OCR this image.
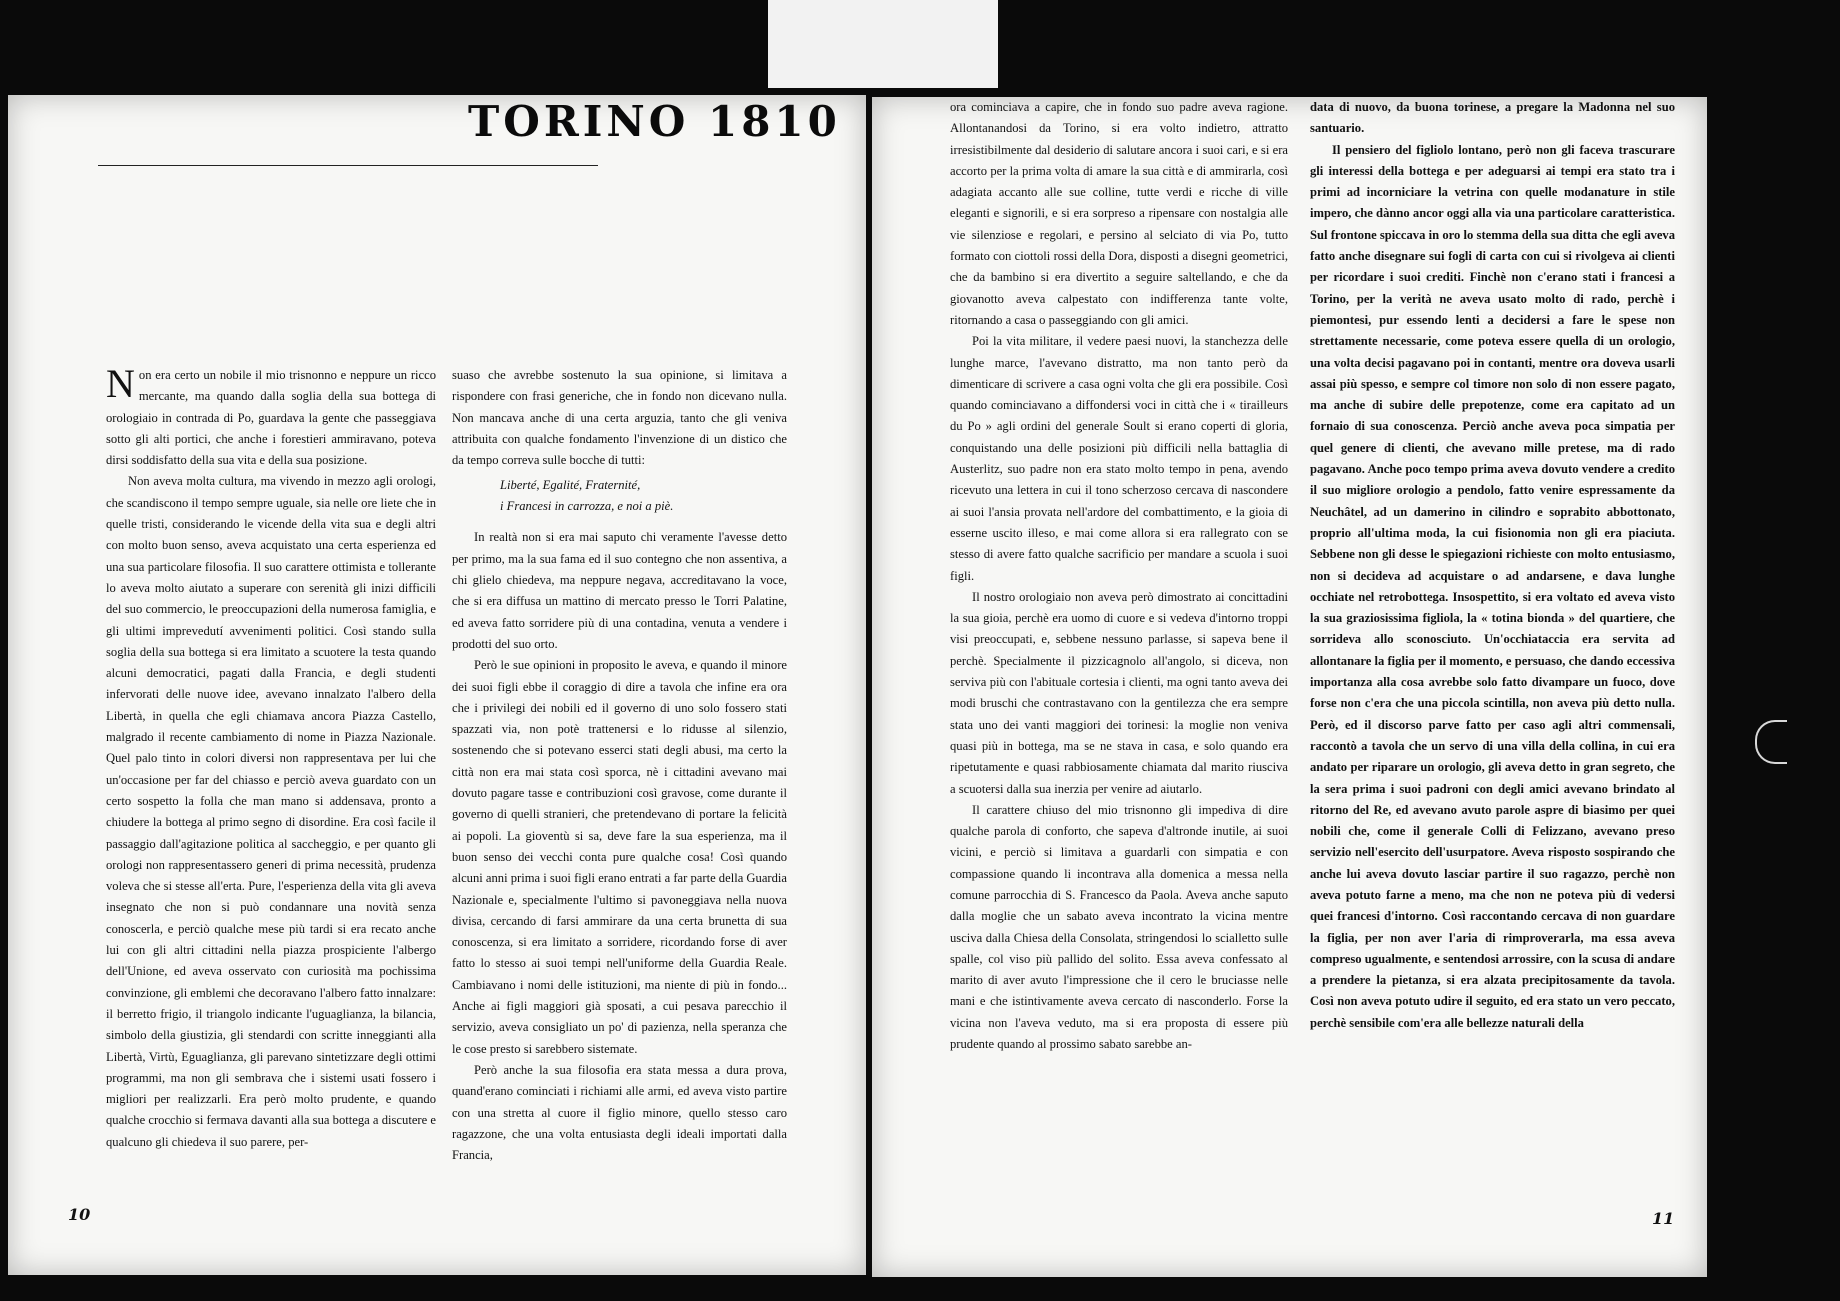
TORINO 1810

Non era certo un nobile il mio trisnonno e neppure un ricco mercante, ma quando dalla soglia della sua bottega di orologiaio in contrada di Po, guardava la gente che passeggiava sotto gli alti portici, che anche i forestieri ammiravano, poteva dirsi soddisfatto della sua vita e della sua posizione.

Non aveva molta cultura, ma vivendo in mezzo agli orologi, che scandiscono il tempo sempre uguale, sia nelle ore liete che in quelle tristi, considerando le vicende della vita sua e degli altri con molto buon senso, aveva acquistato una certa esperienza ed una sua particolare filosofia. Il suo carattere ottimista e tollerante lo aveva molto aiutato a superare con serenità gli inizi difficili del suo commercio, le preoccupazioni della numerosa famiglia, e gli ultimi imprevedutí avvenimenti politici. Così stando sulla soglia della sua bottega si era limitato a scuotere la testa quando alcuni democratici, pagati dalla Francia, e degli studenti infervorati delle nuove idee, avevano innalzato l'albero della Libertà, in quella che egli chiamava ancora Piazza Castello, malgrado il recente cambiamento di nome in Piazza Nazionale. Quel palo tinto in colori diversi non rappresentava per lui che un'occasione per far del chiasso e perciò aveva guardato con un certo sospetto la folla che man mano si addensava, pronto a chiudere la bottega al primo segno di disordine. Era così facile il passaggio dall'agitazione politica al saccheggio, e per quanto gli orologi non rappresentassero generi di prima necessità, prudenza voleva che si stesse all'erta. Pure, l'esperienza della vita gli aveva insegnato che non si può condannare una novità senza conoscerla, e perciò qualche mese più tardi si era recato anche lui con gli altri cittadini nella piazza prospiciente l'albergo dell'Unione, ed aveva osservato con curiosità ma pochissima convinzione, gli emblemi che decoravano l'albero fatto innalzare: il berretto frigio, il triangolo indicante l'uguaglianza, la bilancia, simbolo della giustizia, gli stendardi con scritte inneggianti alla Libertà, Virtù, Eguaglianza, gli parevano sintetizzare degli ottimi programmi, ma non gli sembrava che i sistemi usati fossero i migliori per realizzarli. Era però molto prudente, e quando qualche crocchio si fermava davanti alla sua bottega a discutere e qualcuno gli chiedeva il suo parere, per-

suaso che avrebbe sostenuto la sua opinione, si limitava a rispondere con frasi generiche, che in fondo non dicevano nulla. Non mancava anche di una certa arguzia, tanto che gli veniva attribuita con qualche fondamento l'invenzione di un distico che da tempo correva sulle bocche di tutti:

Liberté, Egalité, Fraternité,
i Francesi in carrozza, e noi a piè.

In realtà non si era mai saputo chi veramente l'avesse detto per primo, ma la sua fama ed il suo contegno che non assentiva, a chi glielo chiedeva, ma neppure negava, accreditavano la voce, che si era diffusa un mattino di mercato presso le Torri Palatine, ed aveva fatto sorridere più di una contadina, venuta a vendere i prodotti del suo orto.

Però le sue opinioni in proposito le aveva, e quando il minore dei suoi figli ebbe il coraggio di dire a tavola che infine era ora che i privilegi dei nobili ed il governo di uno solo fossero stati spazzati via, non potè trattenersi e lo ridusse al silenzio, sostenendo che si potevano esserci stati degli abusi, ma certo la città non era mai stata così sporca, nè i cittadini avevano mai dovuto pagare tasse e contribuzioni così gravose, come durante il governo di quelli stranieri, che pretendevano di portare la felicità ai popoli. La gioventù si sa, deve fare la sua esperienza, ma il buon senso dei vecchi conta pure qualche cosa! Così quando alcuni anni prima i suoi figli erano entrati a far parte della Guardia Nazionale e, specialmente l'ultimo si pavoneggiava nella nuova divisa, cercando di farsi ammirare da una certa brunetta di sua conoscenza, si era limitato a sorridere, ricordando forse di aver fatto lo stesso ai suoi tempi nell'uniforme della Guardia Reale. Cambiavano i nomi delle istituzioni, ma niente di più in fondo... Anche ai figli maggiori già sposati, a cui pesava parecchio il servizio, aveva consigliato un po' di pazienza, nella speranza che le cose presto si sarebbero sistemate.

Però anche la sua filosofia era stata messa a dura prova, quand'erano cominciati i richiami alle armi, ed aveva visto partire con una stretta al cuore il figlio minore, quello stesso caro ragazzone, che una volta entusiasta degli ideali importati dalla Francia,

10

ora cominciava a capire, che in fondo suo padre aveva ragione. Allontanandosi da Torino, si era volto indietro, attratto irresistibilmente dal desiderio di salutare ancora i suoi cari, e si era accorto per la prima volta di amare la sua città e di ammirarla, così adagiata accanto alle sue colline, tutte verdi e ricche di ville eleganti e signorili, e si era sorpreso a ripensare con nostalgia alle vie silenziose e regolari, e persino al selciato di via Po, tutto formato con ciottoli rossi della Dora, disposti a disegni geometrici, che da bambino si era divertito a seguire saltellando, e che da giovanotto aveva calpestato con indifferenza tante volte, ritornando a casa o passeggiando con gli amici.

Poi la vita militare, il vedere paesi nuovi, la stanchezza delle lunghe marce, l'avevano distratto, ma non tanto però da dimenticare di scrivere a casa ogni volta che gli era possibile. Così quando cominciavano a diffondersi voci in città che i « tirailleurs du Po » agli ordini del generale Soult si erano coperti di gloria, conquistando una delle posizioni più difficili nella battaglia di Austerlitz, suo padre non era stato molto tempo in pena, avendo ricevuto una lettera in cui il tono scherzoso cercava di nascondere ai suoi l'ansia provata nell'ardore del combattimento, e la gioia di esserne uscito illeso, e mai come allora si era rallegrato con se stesso di avere fatto qualche sacrificio per mandare a scuola i suoi figli.

Il nostro orologiaio non aveva però dimostrato ai concittadini la sua gioia, perchè era uomo di cuore e si vedeva d'intorno troppi visi preoccupati, e, sebbene nessuno parlasse, si sapeva bene il perchè. Specialmente il pizzicagnolo all'angolo, si diceva, non serviva più con l'abituale cortesia i clienti, ma ogni tanto aveva dei modi bruschi che contrastavano con la gentilezza che era sempre stata uno dei vanti maggiori dei torinesi: la moglie non veniva quasi più in bottega, ma se ne stava in casa, e solo quando era ripetutamente e quasi rabbiosamente chiamata dal marito riusciva a scuotersi dalla sua inerzia per venire ad aiutarlo.

Il carattere chiuso del mio trisnonno gli impediva di dire qualche parola di conforto, che sapeva d'altronde inutile, ai suoi vicini, e perciò si limitava a guardarli con simpatia e con compassione quando li incontrava alla domenica a messa nella comune parrocchia di S. Francesco da Paola. Aveva anche saputo dalla moglie che un sabato aveva incontrato la vicina mentre usciva dalla Chiesa della Consolata, stringendosi lo scialletto sulle spalle, col viso più pallido del solito. Essa aveva confessato al marito di aver avuto l'impressione che il cero le bruciasse nelle mani e che istintivamente aveva cercato di nasconderlo. Forse la vicina non l'aveva veduto, ma si era proposta di essere più prudente quando al prossimo sabato sarebbe an-

data di nuovo, da buona torinese, a pregare la Madonna nel suo santuario.

Il pensiero del figliolo lontano, però non gli faceva trascurare gli interessi della bottega e per adeguarsi ai tempi era stato tra i primi ad incorniciare la vetrina con quelle modanature in stile impero, che dànno ancor oggi alla via una particolare caratteristica. Sul frontone spiccava in oro lo stemma della sua ditta che egli aveva fatto anche disegnare sui fogli di carta con cui si rivolgeva ai clienti per ricordare i suoi crediti. Finchè non c'erano stati i francesi a Torino, per la verità ne aveva usato molto di rado, perchè i piemontesi, pur essendo lenti a decidersi a fare le spese non strettamente necessarie, come poteva essere quella di un orologio, una volta decisi pagavano poi in contanti, mentre ora doveva usarli assai più spesso, e sempre col timore non solo di non essere pagato, ma anche di subire delle prepotenze, come era capitato ad un fornaio di sua conoscenza. Perciò anche aveva poca simpatia per quel genere di clienti, che avevano mille pretese, ma di rado pagavano. Anche poco tempo prima aveva dovuto vendere a credito il suo migliore orologio a pendolo, fatto venire espressamente da Neuchâtel, ad un damerino in cilindro e soprabito abbottonato, proprio all'ultima moda, la cui fisionomia non gli era piaciuta. Sebbene non gli desse le spiegazioni richieste con molto entusiasmo, non si decideva ad acquistare o ad andarsene, e dava lunghe occhiate nel retrobottega. Insospettito, si era voltato ed aveva visto la sua graziosissima figliola, la « totina bionda » del quartiere, che sorrideva allo sconosciuto. Un'occhiataccia era servita ad allontanare la figlia per il momento, e persuaso, che dando eccessiva importanza alla cosa avrebbe solo fatto divampare un fuoco, dove forse non c'era che una piccola scintilla, non aveva più detto nulla. Però, ed il discorso parve fatto per caso agli altri commensali, raccontò a tavola che un servo di una villa della collina, in cui era andato per riparare un orologio, gli aveva detto in gran segreto, che la sera prima i suoi padroni con degli amici avevano brindato al ritorno del Re, ed avevano avuto parole aspre di biasimo per quei nobili che, come il generale Colli di Felizzano, avevano preso servizio nell'esercito dell'usurpatore. Aveva risposto sospirando che anche lui aveva dovuto lasciar partire il suo ragazzo, perchè non aveva potuto farne a meno, ma che non ne poteva più di vedersi quei francesi d'intorno. Così raccontando cercava di non guardare la figlia, per non aver l'aria di rimproverarla, ma essa aveva compreso ugualmente, e sentendosi arrossire, con la scusa di andare a prendere la pietanza, si era alzata precipitosamente da tavola. Così non aveva potuto udire il seguito, ed era stato un vero peccato, perchè sensibile com'era alle bellezze naturali della

11
